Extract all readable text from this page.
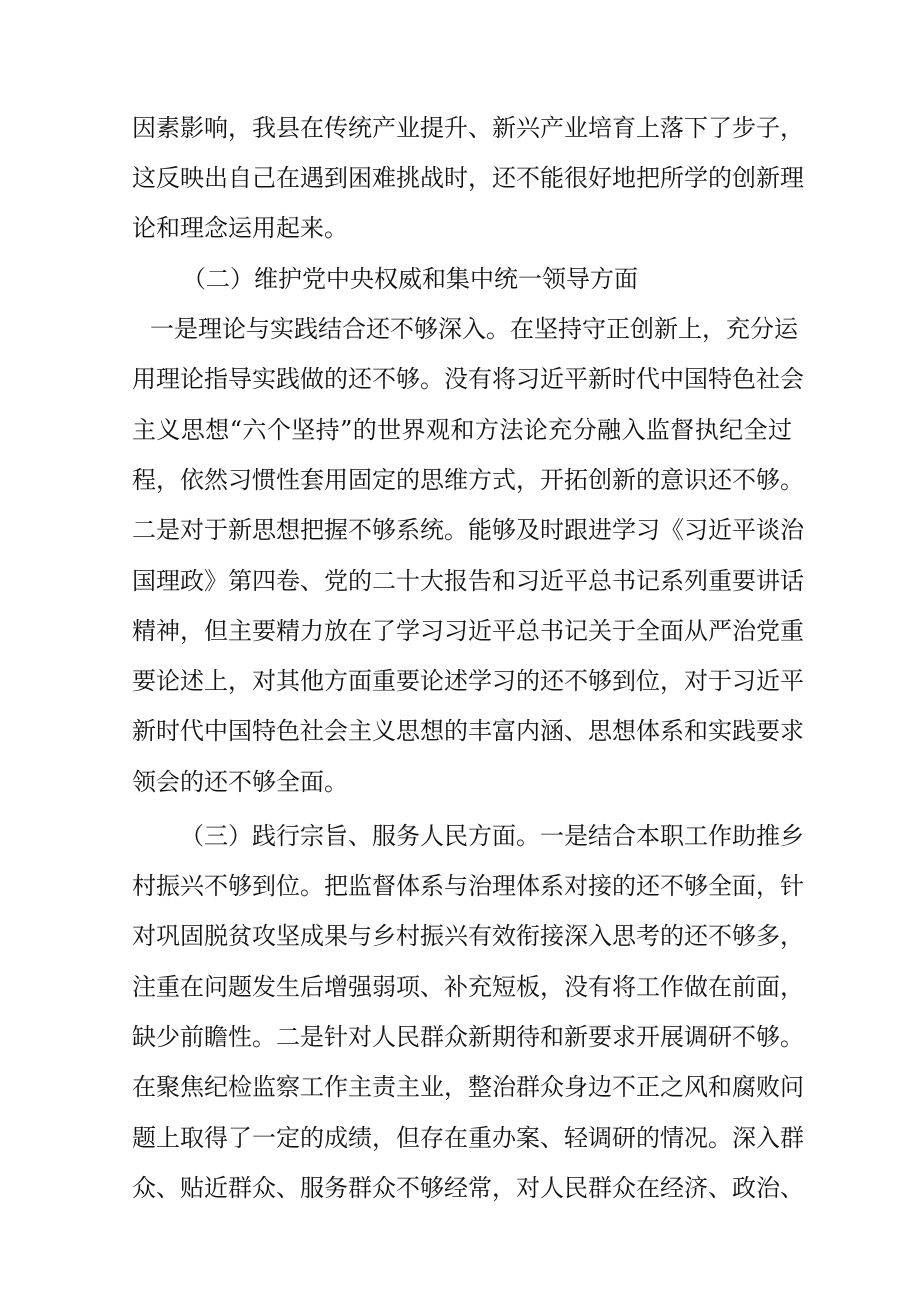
因素影响，我县在传统产业提升、新兴产业培育上落下了步子，
这反映出自己在遇到困难挑战时，还不能很好地把所学的创新理
论和理念运用起来。
（二）维护党中央权威和集中统一领导方面
一是理论与实践结合还不够深入。在坚持守正创新上，充分运
用理论指导实践做的还不够。没有将习近平新时代中国特色社会
主义思想“六个坚持”的世界观和方法论充分融入监督执纪全过
程，依然习惯性套用固定的思维方式，开拓创新的意识还不够。
二是对于新思想把握不够系统。能够及时跟进学习《习近平谈治
国理政》第四卷、党的二十大报告和习近平总书记系列重要讲话
精神，但主要精力放在了学习习近平总书记关于全面从严治党重
要论述上，对其他方面重要论述学习的还不够到位，对于习近平
新时代中国特色社会主义思想的丰富内涵、思想体系和实践要求
领会的还不够全面。
（三）践行宗旨、服务人民方面。一是结合本职工作助推乡
村振兴不够到位。把监督体系与治理体系对接的还不够全面，针
对巩固脱贫攻坚成果与乡村振兴有效衔接深入思考的还不够多，
注重在问题发生后增强弱项、补充短板，没有将工作做在前面，
缺少前瞻性。二是针对人民群众新期待和新要求开展调研不够。
在聚焦纪检监察工作主责主业，整治群众身边不正之风和腐败问
题上取得了一定的成绩，但存在重办案、轻调研的情况。深入群
众、贴近群众、服务群众不够经常，对人民群众在经济、政治、
